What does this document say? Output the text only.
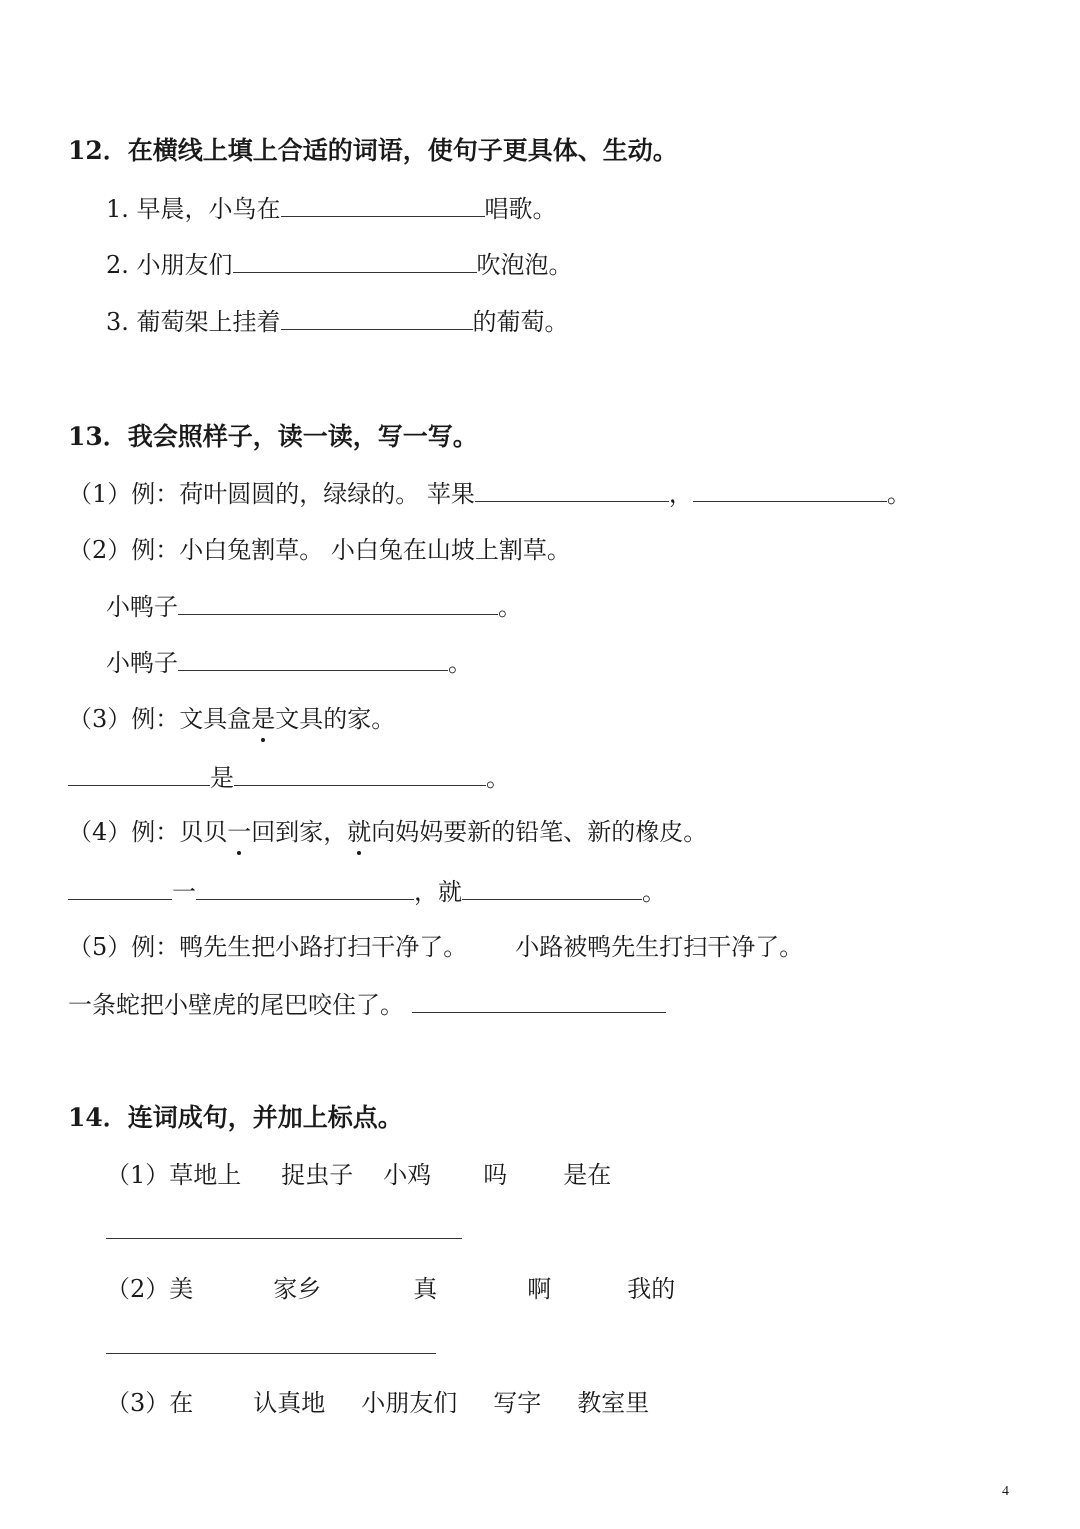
12．在横线上填上合适的词语，使句子更具体、生动。
1. 早晨，小鸟在	唱歌。
2. 小朋友们	吹泡泡。
3. 葡萄架上挂着	的葡萄。
13．我会照样子，读一读，写一写。
（1）例：荷叶圆圆的，绿绿的。 苹果	，	。
（2）例：小白兔割草。 小白兔在山坡上割草。
小鸭子	。
小鸭子	。
（3）例：文具盒是文具的家。
是	。
（4）例：贝贝一回到家，就向妈妈要新的铅笔、新的橡皮。
一	，就	。
（5）例：鸭先生把小路打扫干净了。 小路被鸭先生打扫干净了。
一条蛇把小壁虎的尾巴咬住了。
14．连词成句，并加上标点。
（1）草地上 捉虫子 小鸡 吗 是在
（2）美	家乡	真	啊	我的
（3）在	认真地 小朋友们 写字 教室里
4
